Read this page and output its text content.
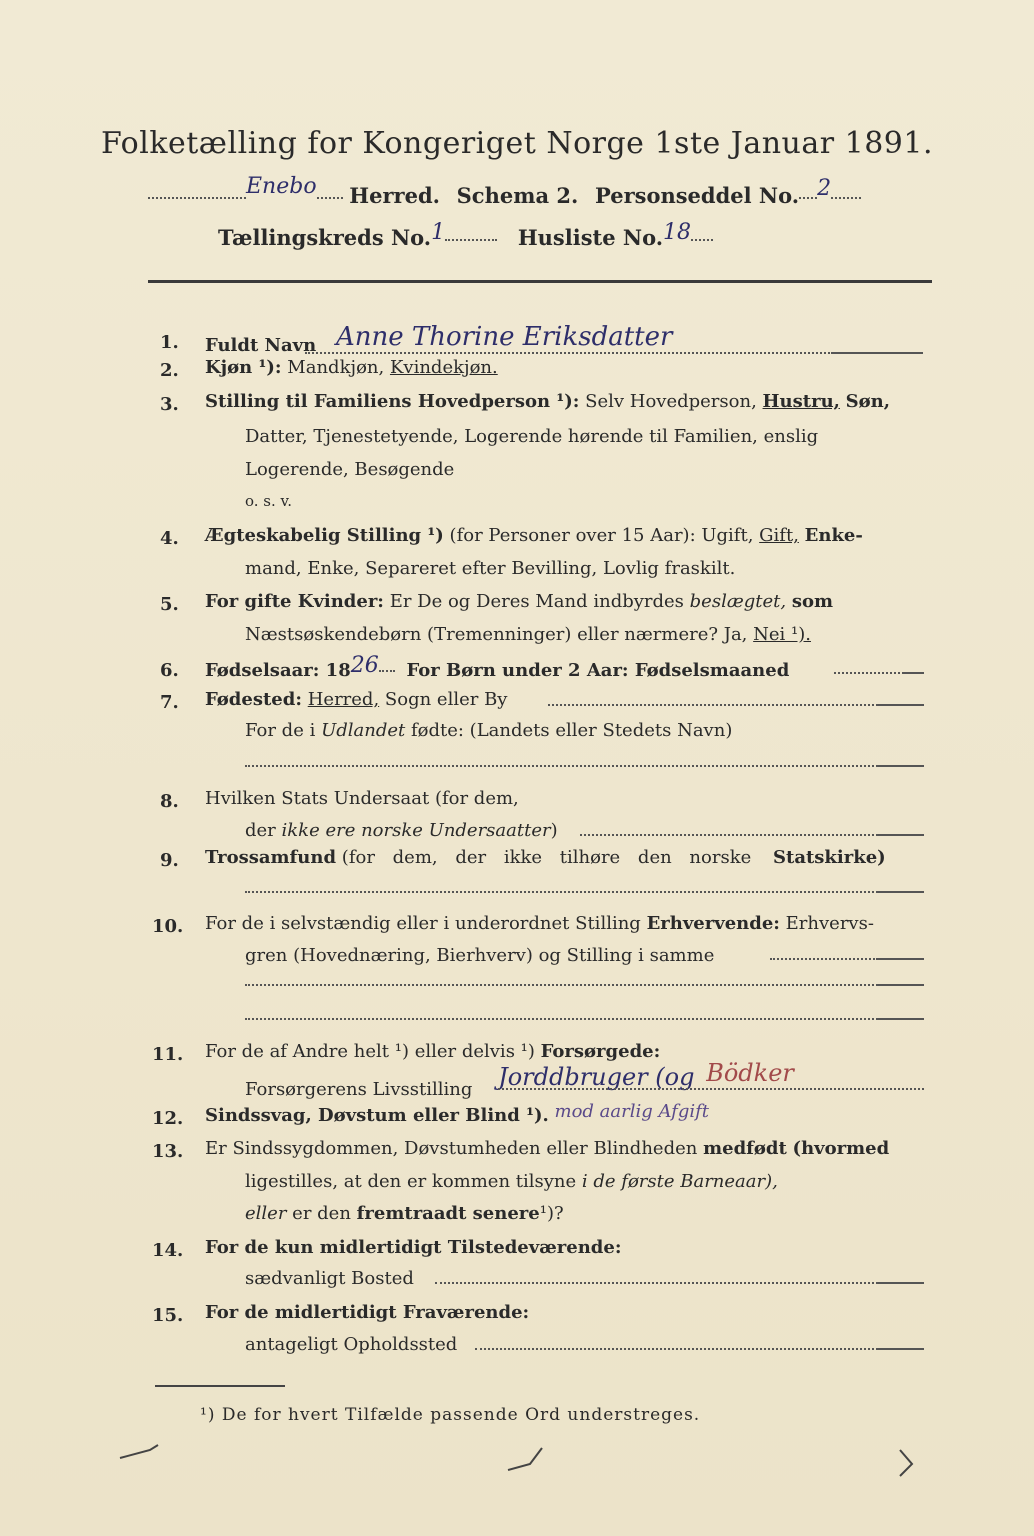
Folketælling for Kongeriget Norge 1ste Januar 1891.
Enebo Herred. Schema 2. Personseddel No. 2
Tællingskreds No.1	Husliste No.18
1.	Fuldt Navn Anne Thorine Eriksdatter
2.	Kjøn ¹): Mandkjøn, Kvindekjøn.
3.	Stilling til Familiens Hovedperson ¹): Selv Hovedperson, Hustru, Søn,
Datter, Tjenestetyende, Logerende hørende til Familien, enslig
Logerende, Besøgende
o. s. v.
4.	Ægteskabelig Stilling ¹) (for Personer over 15 Aar): Ugift, Gift, Enke-
mand, Enke, Separeret efter Bevilling, Lovlig fraskilt.
5.	For gifte Kvinder: Er De og Deres Mand indbyrdes beslægtet, som
Næstsøskendebørn (Tremenninger) eller nærmere? Ja, Nei ¹).
6.	Fødselsaar: 1826 For Børn under 2 Aar: Fødselsmaaned
7.	Fødested: Herred, Sogn eller By
For de i Udlandet fødte: (Landets eller Stedets Navn)
8.	Hvilken Stats Undersaat (for dem,
der ikke ere norske Undersaatter)
9.	Trossamfund (for dem, der ikke tilhøre den norske Statskirke)
10.	For de i selvstændig eller i underordnet Stilling Erhvervende: Erhvervs-
gren (Hovednæring, Bierhverv) og Stilling i samme
11.	For de af Andre helt ¹) eller delvis ¹) Forsørgede:
Forsørgerens Livsstilling Jorddbruger (og Bödker
12.	Sindssvag, Døvstum eller Blind ¹). mod aarlig Afgift
13.	Er Sindssygdommen, Døvstumheden eller Blindheden medfødt (hvormed
ligestilles, at den er kommen tilsyne i de første Barneaar),
eller er den fremtraadt senere¹)?
14.	For de kun midlertidigt Tilstedeværende:
sædvanligt Bosted
15.	For de midlertidigt Fraværende:
antageligt Opholdssted
¹) De for hvert Tilfælde passende Ord understreges.
